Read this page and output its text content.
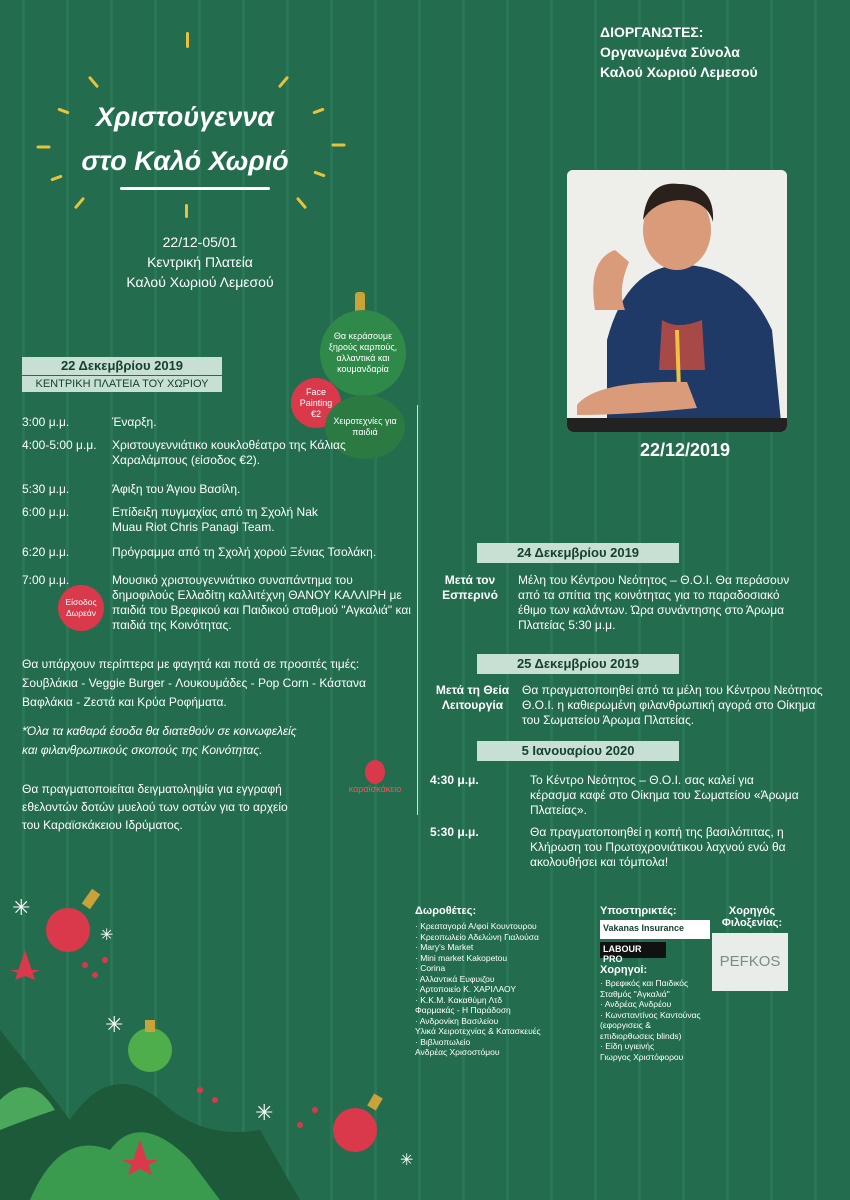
Χριστούγεννα
στο Καλό Χωριό
22/12-05/01
Κεντρική Πλατεία
Καλού Χωριού Λεμεσού
ΔΙΟΡΓΑΝΩΤΕΣ:
Οργανωμένα Σύνολα
Καλού Χωριού Λεμεσού
22/12/2019
Θα κεράσουμε ξηρούς καρπούς, αλλαντικά και κουμανδαρία
Face Painting €2
Χειροτεχνίες για παιδιά
22 Δεκεμβρίου 2019
ΚΕΝΤΡΙΚΗ ΠΛΑΤΕΙΑ ΤΟΥ ΧΩΡΙΟΥ
3:00 μ.μ.	Έναρξη.
4:00-5:00 μ.μ.	Χριστουγεννιάτικο κουκλοθέατρο της Κάλιας Χαραλάμπους (είσοδος €2).
5:30 μ.μ.	Άφιξη του Άγιου Βασίλη.
6:00 μ.μ.	Επίδειξη πυγμαχίας από τη Σχολή Nak Muau Riot Chris Panagi Team.
6:20 μ.μ.	Πρόγραμμα από τη Σχολή χορού Ξένιας Τσολάκη.
7:00 μ.μ.	Μουσικό χριστουγεννιάτικο συναπάντημα του δημοφιλούς Ελλαδίτη καλλιτέχνη ΘΑΝΟΥ ΚΑΛΛΙΡΗ με παιδιά του Βρεφικού και Παιδικού σταθμού "Αγκαλιά" και παιδιά της Κοινότητας.
Είσοδος Δωρεάν
Θα υπάρχουν περίπτερα με φαγητά και ποτά σε προσιτές τιμές:
Σουβλάκια - Veggie Burger - Λουκουμάδες - Pop Corn - Κάστανα
Βαφλάκια - Ζεστά και Κρύα Ροφήματα.
*Όλα τα καθαρά έσοδα θα διατεθούν σε κοινωφελείς
και φιλανθρωπικούς σκοπούς της Κοινότητας.
Θα πραγματοποιείται δειγματοληψία για εγγραφή
εθελοντών δοτών μυελού των οστών για το αρχείο
του Καραϊσκάκειου Ιδρύματος.
καραϊσκάκειο
24 Δεκεμβρίου 2019
Μετά τον Εσπερινό
Μέλη του Κέντρου Νεότητος – Θ.Ο.Ι. Θα περάσουν από τα σπίτια της κοινότητας για το παραδοσιακό έθιμο των καλάντων. Ώρα συνάντησης στο Άρωμα Πλατείας 5:30 μ.μ.
25 Δεκεμβρίου 2019
Μετά τη Θεία Λειτουργία
Θα πραγματοποιηθεί από τα μέλη του Κέντρου Νεότητος Θ.Ο.Ι. η καθιερωμένη φιλανθρωπική αγορά στο Οίκημα του Σωματείου Άρωμα Πλατείας.
5 Ιανουαρίου 2020
4:30 μ.μ.	Το Κέντρο Νεότητος – Θ.Ο.Ι. σας καλεί για κέρασμα καφέ στο Οίκημα του Σωματείου «Άρωμα Πλατείας».
5:30 μ.μ.	Θα πραγματοποιηθεί η κοπή της βασιλόπιτας, η Κλήρωση του Πρωτοχρονιάτικου λαχνού ενώ θα ακολουθήσει και τόμπολα!
Δωροθέτες:
· Κρεαταγορά Α/φοί Κουντουρου
· Κρεοπωλείο Αδελώνη Γιαλούσα
· Mary's Market
· Mini market Kakopetou
· Corina
· Αλλαντικά Ευφυιζου
· Αρτοποιείο Κ. ΧΑΡΙΛΑΟΥ
· Κ.Κ.Μ. Κακαθύμη Λτδ
Φαρμακάς - Η Παράδοση
· Ανδρονίκη Βασιλείου
Υλικά Χειροτεχνίας & Κατασκευές
· Βιβλιοπωλείο
Ανδρέας Χρισοστόμου
Υποστηρικτές:
Vakanas Insurance
LABOUR PRO
Χορηγοί:
· Βρεφικός και Παιδικός
Σταθμός "Αγκαλιά"
· Ανδρέας Ανδρέου
· Κωνσταντίνος Καντούνας
(εφοργισεις &
επιδιορθωσεις blinds)
· Είδη υγιεινής
Γιωργος Χριστόφορου
Χορηγός
Φιλοξενίας:
PEFKOS
✳
✳
✳
✳
✳
